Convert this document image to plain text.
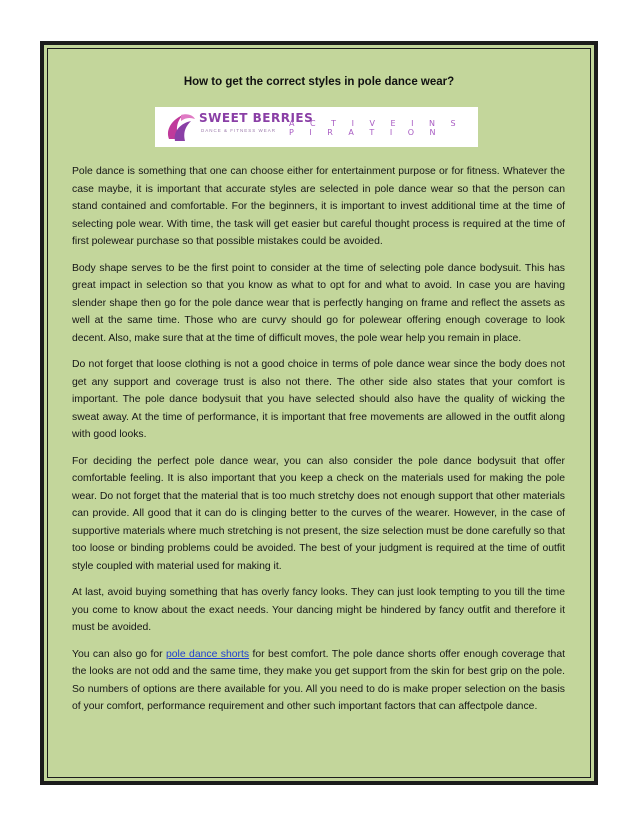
How to get the correct styles in pole dance wear?
SWEET BERRIES
DANCE & FITNESS WEAR
A C T I V E I N S P I R A T I O N

Pole dance is something that one can choose either for entertainment purpose or for fitness. Whatever the case maybe, it is important that accurate styles are selected in pole dance wear so that the person can stand contained and comfortable. For the beginners, it is important to invest additional time at the time of selecting pole wear. With time, the task will get easier but careful thought process is required at the time of first polewear purchase so that possible mistakes could be avoided.

Body shape serves to be the first point to consider at the time of selecting pole dance bodysuit. This has great impact in selection so that you know as what to opt for and what to avoid. In case you are having slender shape then go for the pole dance wear that is perfectly hanging on frame and reflect the assets as well at the same time. Those who are curvy should go for polewear offering enough coverage to look decent. Also, make sure that at the time of difficult moves, the pole wear help you remain in place.

Do not forget that loose clothing is not a good choice in terms of pole dance wear since the body does not get any support and coverage trust is also not there. The other side also states that your comfort is important. The pole dance bodysuit that you have selected should also have the quality of wicking the sweat away. At the time of performance, it is important that free movements are allowed in the outfit along with good looks.

For deciding the perfect pole dance wear, you can also consider the pole dance bodysuit that offer comfortable feeling. It is also important that you keep a check on the materials used for making the pole wear. Do not forget that the material that is too much stretchy does not enough support that other materials can provide. All good that it can do is clinging better to the curves of the wearer. However, in the case of supportive materials where much stretching is not present, the size selection must be done carefully so that too loose or binding problems could be avoided. The best of your judgment is required at the time of outfit style coupled with material used for making it.

At last, avoid buying something that has overly fancy looks. They can just look tempting to you till the time you come to know about the exact needs. Your dancing might be hindered by fancy outfit and therefore it must be avoided.

You can also go for pole dance shorts for best comfort. The pole dance shorts offer enough coverage that the looks are not odd and the same time, they make you get support from the skin for best grip on the pole. So numbers of options are there available for you. All you need to do is make proper selection on the basis of your comfort, performance requirement and other such important factors that can affectpole dance.
